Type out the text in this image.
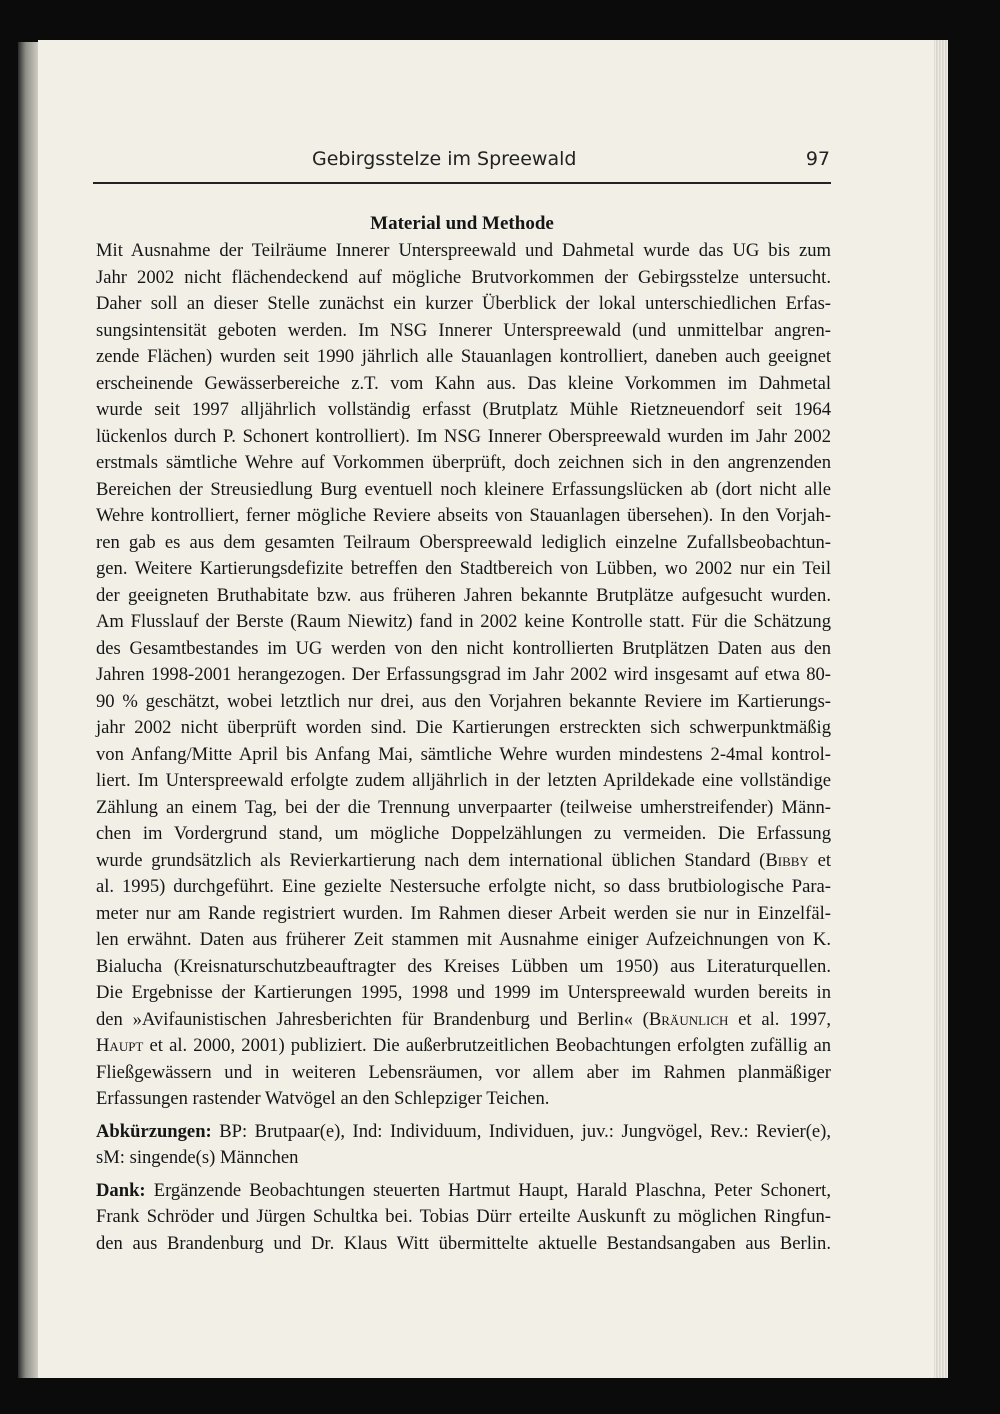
Gebirgsstelze im Spreewald	97
Material und Methode
Mit Ausnahme der Teilräume Innerer Unterspreewald und Dahmetal wurde das UG bis zum
Jahr 2002 nicht flächendeckend auf mögliche Brutvorkommen der Gebirgsstelze untersucht.
Daher soll an dieser Stelle zunächst ein kurzer Überblick der lokal unterschiedlichen Erfas-
sungsintensität geboten werden. Im NSG Innerer Unterspreewald (und unmittelbar angren-
zende Flächen) wurden seit 1990 jährlich alle Stauanlagen kontrolliert, daneben auch geeignet
erscheinende Gewässerbereiche z.T. vom Kahn aus. Das kleine Vorkommen im Dahmetal
wurde seit 1997 alljährlich vollständig erfasst (Brutplatz Mühle Rietzneuendorf seit 1964
lückenlos durch P. Schonert kontrolliert). Im NSG Innerer Oberspreewald wurden im Jahr 2002
erstmals sämtliche Wehre auf Vorkommen überprüft, doch zeichnen sich in den angrenzenden
Bereichen der Streusiedlung Burg eventuell noch kleinere Erfassungslücken ab (dort nicht alle
Wehre kontrolliert, ferner mögliche Reviere abseits von Stauanlagen übersehen). In den Vorjah-
ren gab es aus dem gesamten Teilraum Oberspreewald lediglich einzelne Zufallsbeobachtun-
gen. Weitere Kartierungsdefizite betreffen den Stadtbereich von Lübben, wo 2002 nur ein Teil
der geeigneten Bruthabitate bzw. aus früheren Jahren bekannte Brutplätze aufgesucht wurden.
Am Flusslauf der Berste (Raum Niewitz) fand in 2002 keine Kontrolle statt. Für die Schätzung
des Gesamtbestandes im UG werden von den nicht kontrollierten Brutplätzen Daten aus den
Jahren 1998-2001 herangezogen. Der Erfassungsgrad im Jahr 2002 wird insgesamt auf etwa 80-
90 % geschätzt, wobei letztlich nur drei, aus den Vorjahren bekannte Reviere im Kartierungs-
jahr 2002 nicht überprüft worden sind. Die Kartierungen erstreckten sich schwerpunktmäßig
von Anfang/Mitte April bis Anfang Mai, sämtliche Wehre wurden mindestens 2-4mal kontrol-
liert. Im Unterspreewald erfolgte zudem alljährlich in der letzten Aprildekade eine vollständige
Zählung an einem Tag, bei der die Trennung unverpaarter (teilweise umherstreifender) Männ-
chen im Vordergrund stand, um mögliche Doppelzählungen zu vermeiden. Die Erfassung
wurde grundsätzlich als Revierkartierung nach dem international üblichen Standard (Bibby et
al. 1995) durchgeführt. Eine gezielte Nestersuche erfolgte nicht, so dass brutbiologische Para-
meter nur am Rande registriert wurden. Im Rahmen dieser Arbeit werden sie nur in Einzelfäl-
len erwähnt. Daten aus früherer Zeit stammen mit Ausnahme einiger Aufzeichnungen von K.
Bialucha (Kreisnaturschutzbeauftragter des Kreises Lübben um 1950) aus Literaturquellen.
Die Ergebnisse der Kartierungen 1995, 1998 und 1999 im Unterspreewald wurden bereits in
den »Avifaunistischen Jahresberichten für Brandenburg und Berlin« (Bräunlich et al. 1997,
Haupt et al. 2000, 2001) publiziert. Die außerbrutzeitlichen Beobachtungen erfolgten zufällig an
Fließgewässern und in weiteren Lebensräumen, vor allem aber im Rahmen planmäßiger
Erfassungen rastender Watvögel an den Schlepziger Teichen.
Abkürzungen: BP: Brutpaar(e), Ind: Individuum, Individuen, juv.: Jungvögel, Rev.: Revier(e),
sM: singende(s) Männchen
Dank: Ergänzende Beobachtungen steuerten Hartmut Haupt, Harald Plaschna, Peter Schonert,
Frank Schröder und Jürgen Schultka bei. Tobias Dürr erteilte Auskunft zu möglichen Ringfun-
den aus Brandenburg und Dr. Klaus Witt übermittelte aktuelle Bestandsangaben aus Berlin.
